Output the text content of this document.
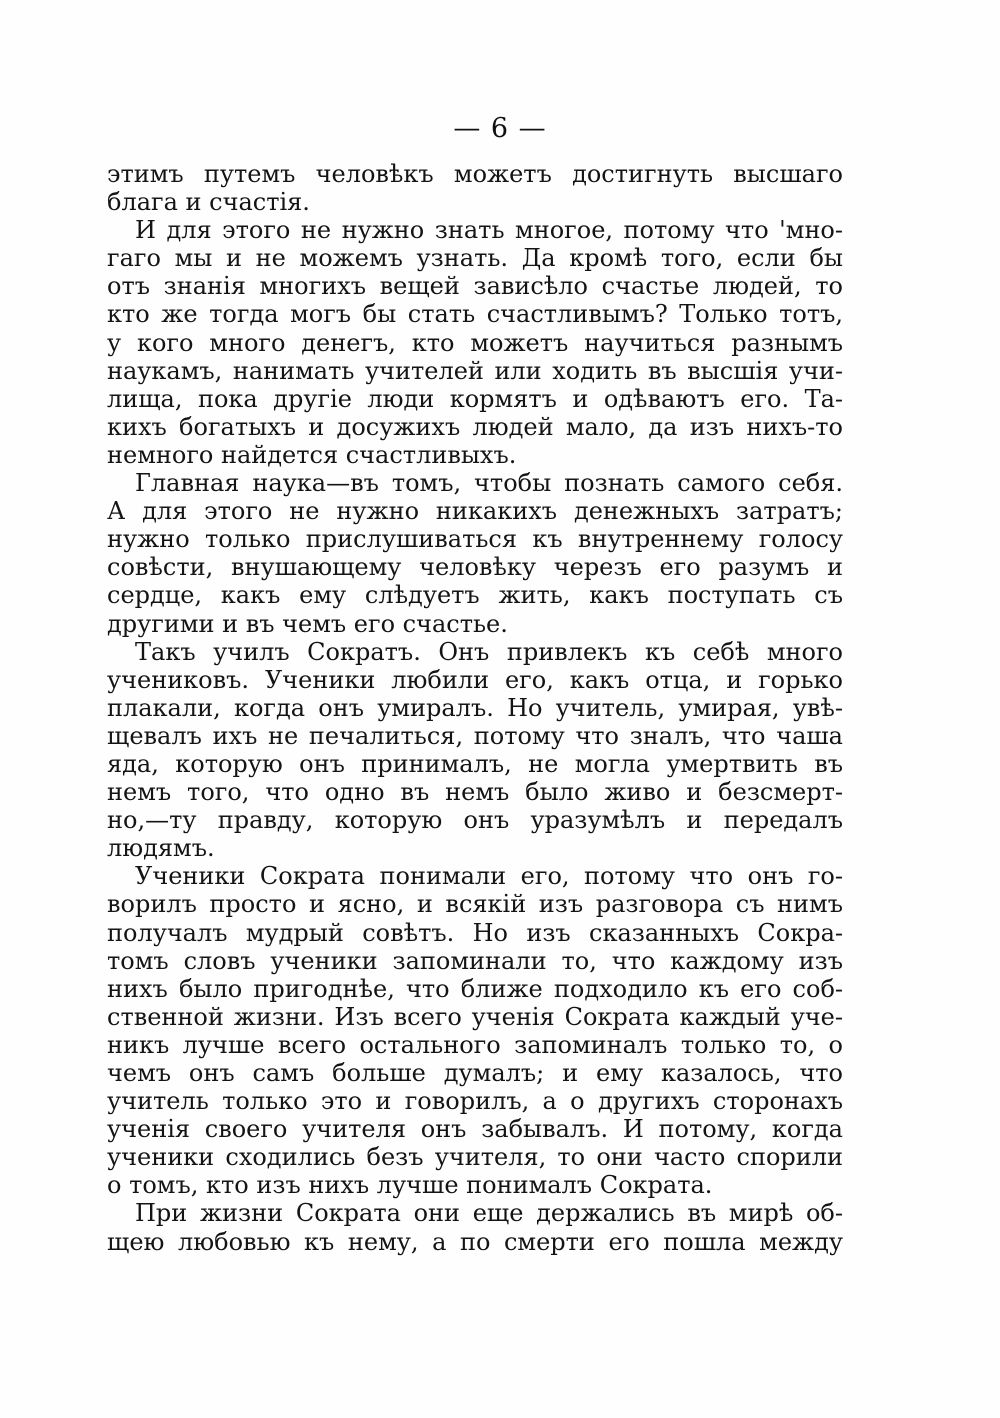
— 6 —
этимъ путемъ человѣкъ можетъ достигнуть высшаго
блага и счастія.
И для этого не нужно знать многое, потому что 'мно-
гаго мы и не можемъ узнать. Да кромѣ того, если бы
отъ знанія многихъ вещей зависѣло счастье людей, то
кто же тогда могъ бы стать счастливымъ? Только тотъ,
у кого много денегъ, кто можетъ научиться разнымъ
наукамъ, нанимать учителей или ходить въ высшія учи-
лища, пока другіе люди кормятъ и одѣваютъ его. Та-
кихъ богатыхъ и досужихъ людей мало, да изъ нихъ-то
немного найдется счастливыхъ.
Главная наука—въ томъ, чтобы познать самого себя.
А для этого не нужно никакихъ денежныхъ затратъ;
нужно только прислушиваться къ внутреннему голосу
совѣсти, внушающему человѣку черезъ его разумъ и
сердце, какъ ему слѣдуетъ жить, какъ поступать съ
другими и въ чемъ его счастье.
Такъ училъ Сократъ. Онъ привлекъ къ себѣ много
учениковъ. Ученики любили его, какъ отца, и горько
плакали, когда онъ умиралъ. Но учитель, умирая, увѣ-
щевалъ ихъ не печалиться, потому что зналъ, что чаша
яда, которую онъ принималъ, не могла умертвить въ
немъ того, что одно въ немъ было живо и безсмерт-
но,—ту правду, которую онъ уразумѣлъ и передалъ
людямъ.
Ученики Сократа понимали его, потому что онъ го-
ворилъ просто и ясно, и всякій изъ разговора съ нимъ
получалъ мудрый совѣтъ. Но изъ сказанныхъ Сокра-
томъ словъ ученики запоминали то, что каждому изъ
нихъ было пригоднѣе, что ближе подходило къ его соб-
ственной жизни. Изъ всего ученія Сократа каждый уче-
никъ лучше всего остального запоминалъ только то, о
чемъ онъ самъ больше думалъ; и ему казалось, что
учитель только это и говорилъ, а о другихъ сторонахъ
ученія своего учителя онъ забывалъ. И потому, когда
ученики сходились безъ учителя, то они часто спорили
о томъ, кто изъ нихъ лучше понималъ Сократа.
При жизни Сократа они еще держались въ мирѣ об-
щею любовью къ нему, а по смерти его пошла между
